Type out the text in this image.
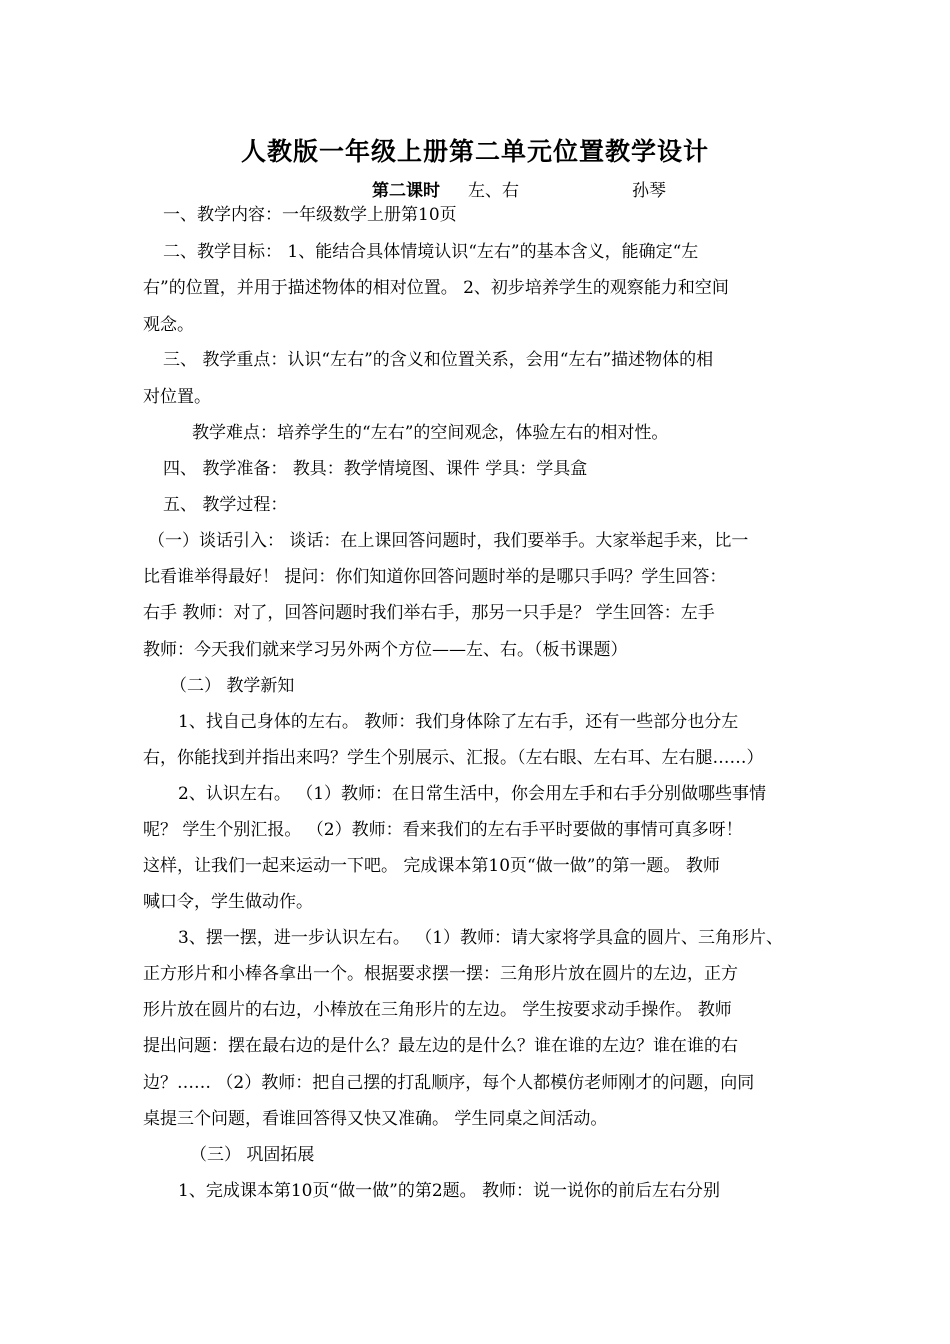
人教版一年级上册第二单元位置教学设计
第二课时 左、右	孙琴
一、教学内容：一年级数学上册第10页
二、教学目标： 1、能结合具体情境认识“左右”的基本含义，能确定“左
右”的位置，并用于描述物体的相对位置。 2、初步培养学生的观察能力和空间
观念。
三、 教学重点：认识“左右”的含义和位置关系，会用“左右”描述物体的相
对位置。
教学难点：培养学生的“左右”的空间观念，体验左右的相对性。
四、 教学准备： 教具：教学情境图、课件 学具：学具盒
五、 教学过程：
（一）谈话引入： 谈话：在上课回答问题时，我们要举手。大家举起手来，比一
比看谁举得最好！ 提问：你们知道你回答问题时举的是哪只手吗？学生回答：
右手 教师：对了，回答问题时我们举右手，那另一只手是？ 学生回答：左手
教师：今天我们就来学习另外两个方位——左、右。（板书课题）
（二） 教学新知
1、找自己身体的左右。 教师：我们身体除了左右手，还有一些部分也分左
右，你能找到并指出来吗？学生个别展示、汇报。（左右眼、左右耳、左右腿……）
2、认识左右。 （1）教师：在日常生活中，你会用左手和右手分别做哪些事情
呢？ 学生个别汇报。 （2）教师：看来我们的左右手平时要做的事情可真多呀！
这样，让我们一起来运动一下吧。 完成课本第10页“做一做”的第一题。 教师
喊口令，学生做动作。
3、摆一摆，进一步认识左右。 （1）教师：请大家将学具盒的圆片、三角形片、
正方形片和小棒各拿出一个。根据要求摆一摆：三角形片放在圆片的左边，正方
形片放在圆片的右边，小棒放在三角形片的左边。 学生按要求动手操作。 教师
提出问题：摆在最右边的是什么？最左边的是什么？谁在谁的左边？谁在谁的右
边？…… （2）教师：把自己摆的打乱顺序，每个人都模仿老师刚才的问题，向同
桌提三个问题，看谁回答得又快又准确。 学生同桌之间活动。
（三） 巩固拓展
1、完成课本第10页“做一做”的第2题。 教师：说一说你的前后左右分别
